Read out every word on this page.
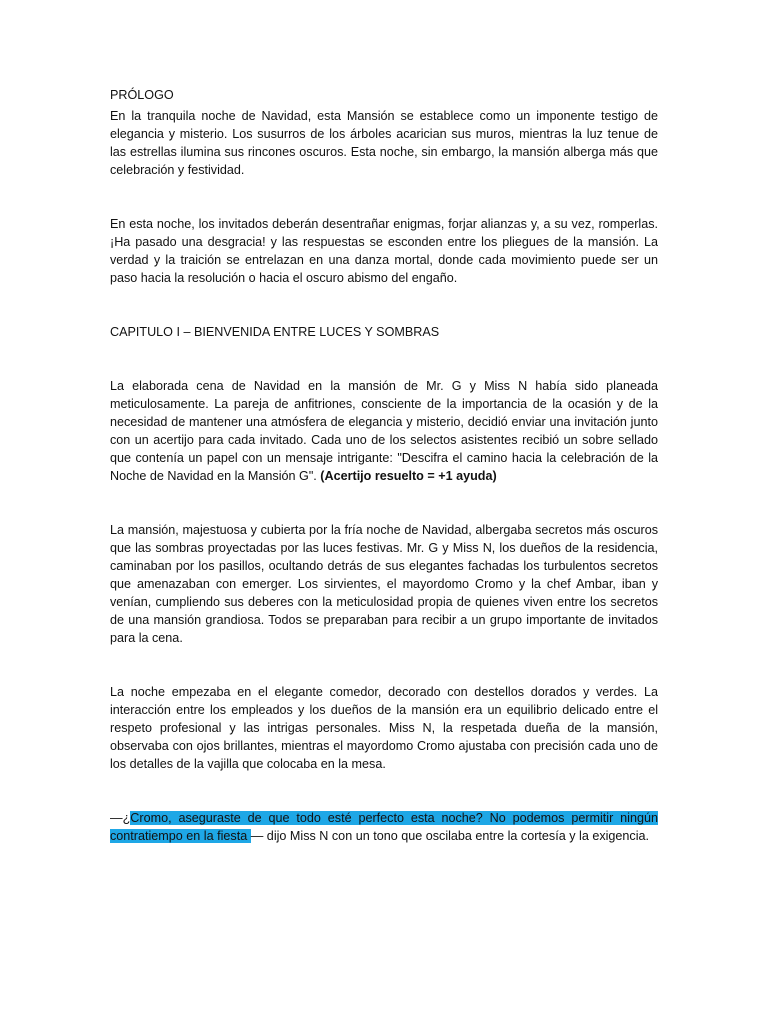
PRÓLOGO

En la tranquila noche de Navidad, esta Mansión se establece como un imponente testigo de elegancia y misterio. Los susurros de los árboles acarician sus muros, mientras la luz tenue de las estrellas ilumina sus rincones oscuros. Esta noche, sin embargo, la mansión alberga más que celebración y festividad.

En esta noche, los invitados deberán desentrañar enigmas, forjar alianzas y, a su vez, romperlas. ¡Ha pasado una desgracia! y las respuestas se esconden entre los pliegues de la mansión. La verdad y la traición se entrelazan en una danza mortal, donde cada movimiento puede ser un paso hacia la resolución o hacia el oscuro abismo del engaño.

CAPITULO I – BIENVENIDA ENTRE LUCES Y SOMBRAS

La elaborada cena de Navidad en la mansión de Mr. G y Miss N había sido planeada meticulosamente. La pareja de anfitriones, consciente de la importancia de la ocasión y de la necesidad de mantener una atmósfera de elegancia y misterio, decidió enviar una invitación junto con un acertijo para cada invitado. Cada uno de los selectos asistentes recibió un sobre sellado que contenía un papel con un mensaje intrigante: "Descifra el camino hacia la celebración de la Noche de Navidad en la Mansión G". (Acertijo resuelto = +1 ayuda)

La mansión, majestuosa y cubierta por la fría noche de Navidad, albergaba secretos más oscuros que las sombras proyectadas por las luces festivas. Mr. G y Miss N, los dueños de la residencia, caminaban por los pasillos, ocultando detrás de sus elegantes fachadas los turbulentos secretos que amenazaban con emerger. Los sirvientes, el mayordomo Cromo y la chef Ambar, iban y venían, cumpliendo sus deberes con la meticulosidad propia de quienes viven entre los secretos de una mansión grandiosa. Todos se preparaban para recibir a un grupo importante de invitados para la cena.

La noche empezaba en el elegante comedor, decorado con destellos dorados y verdes. La interacción entre los empleados y los dueños de la mansión era un equilibrio delicado entre el respeto profesional y las intrigas personales. Miss N, la respetada dueña de la mansión, observaba con ojos brillantes, mientras el mayordomo Cromo ajustaba con precisión cada uno de los detalles de la vajilla que colocaba en la mesa.

—¿Cromo, aseguraste de que todo esté perfecto esta noche? No podemos permitir ningún contratiempo en la fiesta — dijo Miss N con un tono que oscilaba entre la cortesía y la exigencia.
